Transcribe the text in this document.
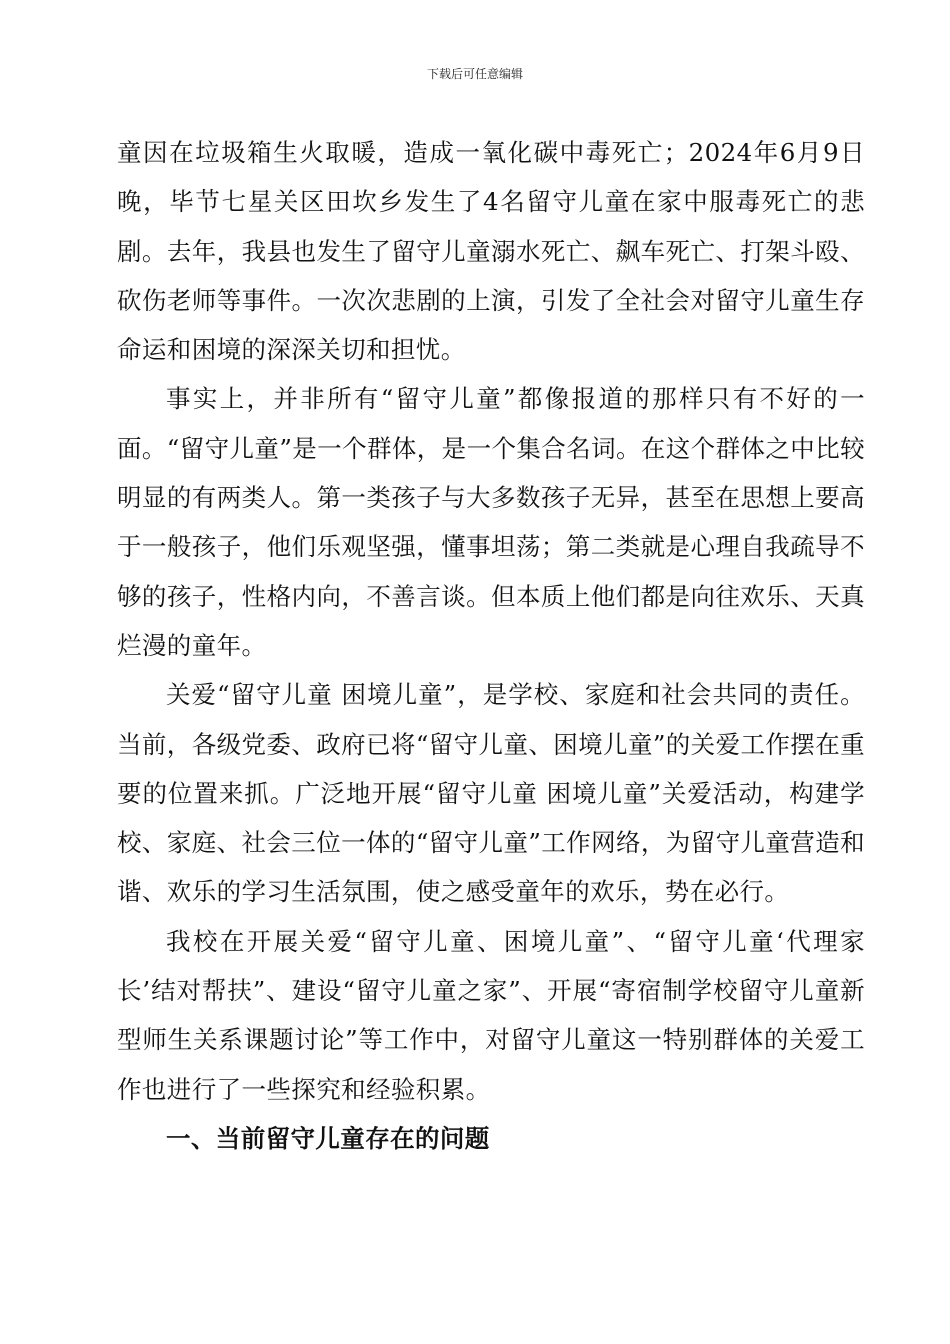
下载后可任意编辑

童因在垃圾箱生火取暖，造成一氧化碳中毒死亡；2024年6月9日晚，毕节七星关区田坎乡发生了4名留守儿童在家中服毒死亡的悲剧。去年，我县也发生了留守儿童溺水死亡、飙车死亡、打架斗殴、砍伤老师等事件。一次次悲剧的上演，引发了全社会对留守儿童生存命运和困境的深深关切和担忧。

事实上，并非所有“留守儿童”都像报道的那样只有不好的一面。“留守儿童”是一个群体，是一个集合名词。在这个群体之中比较明显的有两类人。第一类孩子与大多数孩子无异，甚至在思想上要高于一般孩子，他们乐观坚强，懂事坦荡；第二类就是心理自我疏导不够的孩子，性格内向，不善言谈。但本质上他们都是向往欢乐、天真烂漫的童年。

关爱“留守儿童 困境儿童”，是学校、家庭和社会共同的责任。当前，各级党委、政府已将“留守儿童、困境儿童”的关爱工作摆在重要的位置来抓。广泛地开展“留守儿童 困境儿童”关爱活动，构建学校、家庭、社会三位一体的“留守儿童”工作网络，为留守儿童营造和谐、欢乐的学习生活氛围，使之感受童年的欢乐，势在必行。

我校在开展关爱“留守儿童、困境儿童”、“留守儿童‘代理家长’结对帮扶”、建设“留守儿童之家”、开展“寄宿制学校留守儿童新型师生关系课题讨论”等工作中，对留守儿童这一特别群体的关爱工作也进行了一些探究和经验积累。

一、当前留守儿童存在的问题
